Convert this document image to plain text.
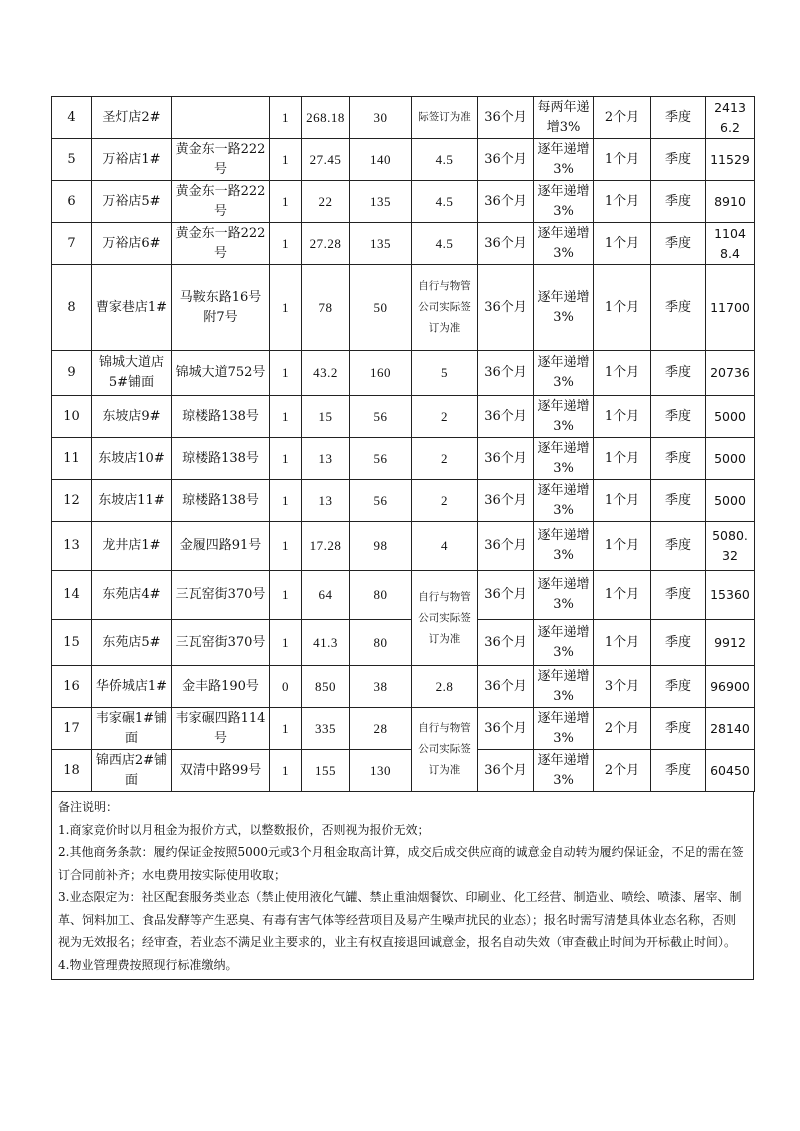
4	圣灯店2#		1	268.18	30	际签订为准	36个月	每两年递增3%	2个月	季度	24136.2
5	万裕店1#	黄金东一路222号	1	27.45	140	4.5	36个月	逐年递增3%	1个月	季度	11529
6	万裕店5#	黄金东一路222号	1	22	135	4.5	36个月	逐年递增3%	1个月	季度	8910
7	万裕店6#	黄金东一路222号	1	27.28	135	4.5	36个月	逐年递增3%	1个月	季度	11048.4
8	曹家巷店1#	马鞍东路16号附7号	1	78	50	自行与物管公司实际签订为准	36个月	逐年递增3%	1个月	季度	11700
9	锦城大道店5#铺面	锦城大道752号	1	43.2	160	5	36个月	逐年递增3%	1个月	季度	20736
10	东坡店9#	琼楼路138号	1	15	56	2	36个月	逐年递增3%	1个月	季度	5000
11	东坡店10#	琼楼路138号	1	13	56	2	36个月	逐年递增3%	1个月	季度	5000
12	东坡店11#	琼楼路138号	1	13	56	2	36个月	逐年递增3%	1个月	季度	5000
13	龙井店1#	金履四路91号	1	17.28	98	4	36个月	逐年递增3%	1个月	季度	5080.32
14	东苑店4#	三瓦窑街370号	1	64	80	自行与物管公司实际签订为准	36个月	逐年递增3%	1个月	季度	15360
15	东苑店5#	三瓦窑街370号	1	41.3	80		36个月	逐年递增3%	1个月	季度	9912
16	华侨城店1#	金丰路190号	0	850	38	2.8	36个月	逐年递增3%	3个月	季度	96900
17	韦家碾1#铺面	韦家碾四路114号	1	335	28	自行与物管公司实际签订为准	36个月	逐年递增3%	2个月	季度	28140
18	锦西店2#铺面	双清中路99号	1	155	130		36个月	逐年递增3%	2个月	季度	60450

备注说明：

1.商家竞价时以月租金为报价方式，以整数报价，否则视为报价无效；

2.其他商务条款：履约保证金按照5000元或3个月租金取高计算，成交后成交供应商的诚意金自动转为履约保证金，不足的需在签订合同前补齐；水电费用按实际使用收取；

3.业态限定为：社区配套服务类业态（禁止使用液化气罐、禁止重油烟餐饮、印刷业、化工经营、制造业、喷绘、喷漆、屠宰、制革、饲料加工、食品发酵等产生恶臭、有毒有害气体等经营项目及易产生噪声扰民的业态）；报名时需写清楚具体业态名称，否则视为无效报名；经审查，若业态不满足业主要求的，业主有权直接退回诚意金，报名自动失效（审查截止时间为开标截止时间）。

4.物业管理费按照现行标准缴纳。
